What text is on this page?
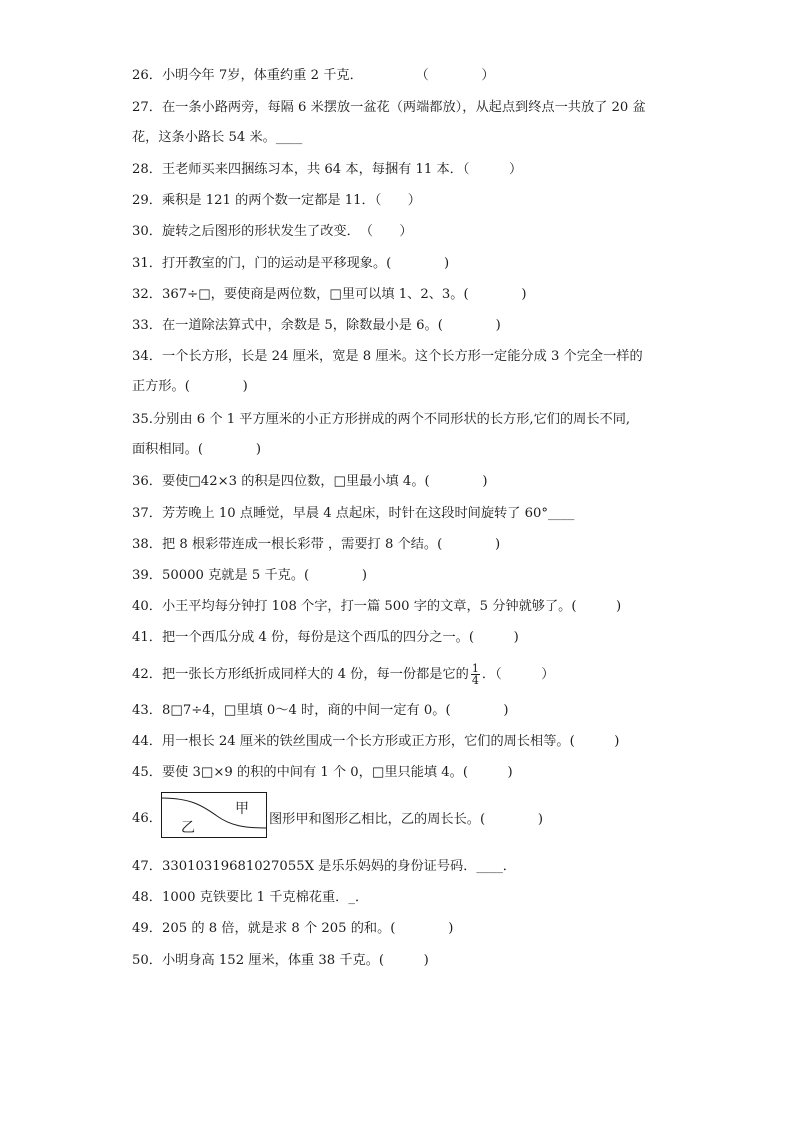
26．小明今年 7岁，体重约重 2 千克．　　　　　（　　　　）
27．在一条小路两旁，每隔 6 米摆放一盆花（两端都放），从起点到终点一共放了 20 盆
花，这条小路长 54 米。____
28．王老师买来四捆练习本，共 64 本，每捆有 11 本．（　　　）
29．乘积是 121 的两个数一定都是 11．（　　）
30．旋转之后图形的形状发生了改变．　（　　）
31．打开教室的门，门的运动是平移现象。(　　　　)
32．367÷□，要使商是两位数，□里可以填 1、2、3。(　　　　)
33．在一道除法算式中，余数是 5，除数最小是 6。(　　　　)
34．一个长方形，长是 24 厘米，宽是 8 厘米。这个长方形一定能分成 3 个完全一样的
正方形。(　　　　)
35.分别由 6 个 1 平方厘米的小正方形拼成的两个不同形状的长方形,它们的周长不同,
面积相同。(　　　　)
36．要使□42×3 的积是四位数，□里最小填 4。(　　　　)
37．芳芳晚上 10 点睡觉，早晨 4 点起床，时针在这段时间旋转了 60°____
38．把 8 根彩带连成一根长彩带 ，需要打 8 个结。(　　　　)
39．50000 克就是 5 千克。(　　　　)
40．小王平均每分钟打 108 个字，打一篇 500 字的文章，5 分钟就够了。(　　　)
41．把一个西瓜分成 4 份，每份是这个西瓜的四分之一。(　　　)
42．把一张长方形纸折成同样大的 4 份，每一份都是它的 $\frac{1}{4}$ ．（　　　）
43．8□7÷4，□里填 0～4 时，商的中间一定有 0。(　　　　)
44．用一根长 24 厘米的铁丝围成一个长方形或正方形，它们的周长相等。(　　　)
45．要使 3□×9 的积的中间有 1 个 0，□里只能填 4。(　　　)
46．
甲
乙
图形甲和图形乙相比，乙的周长长。(　　　　)
47．33010319681027055X 是乐乐妈妈的身份证号码．____．
48．1000 克铁要比 1 千克棉花重．_．
49．205 的 8 倍，就是求 8 个 205 的和。(　　　　)
50．小明身高 152 厘米，体重 38 千克。(　　　)
